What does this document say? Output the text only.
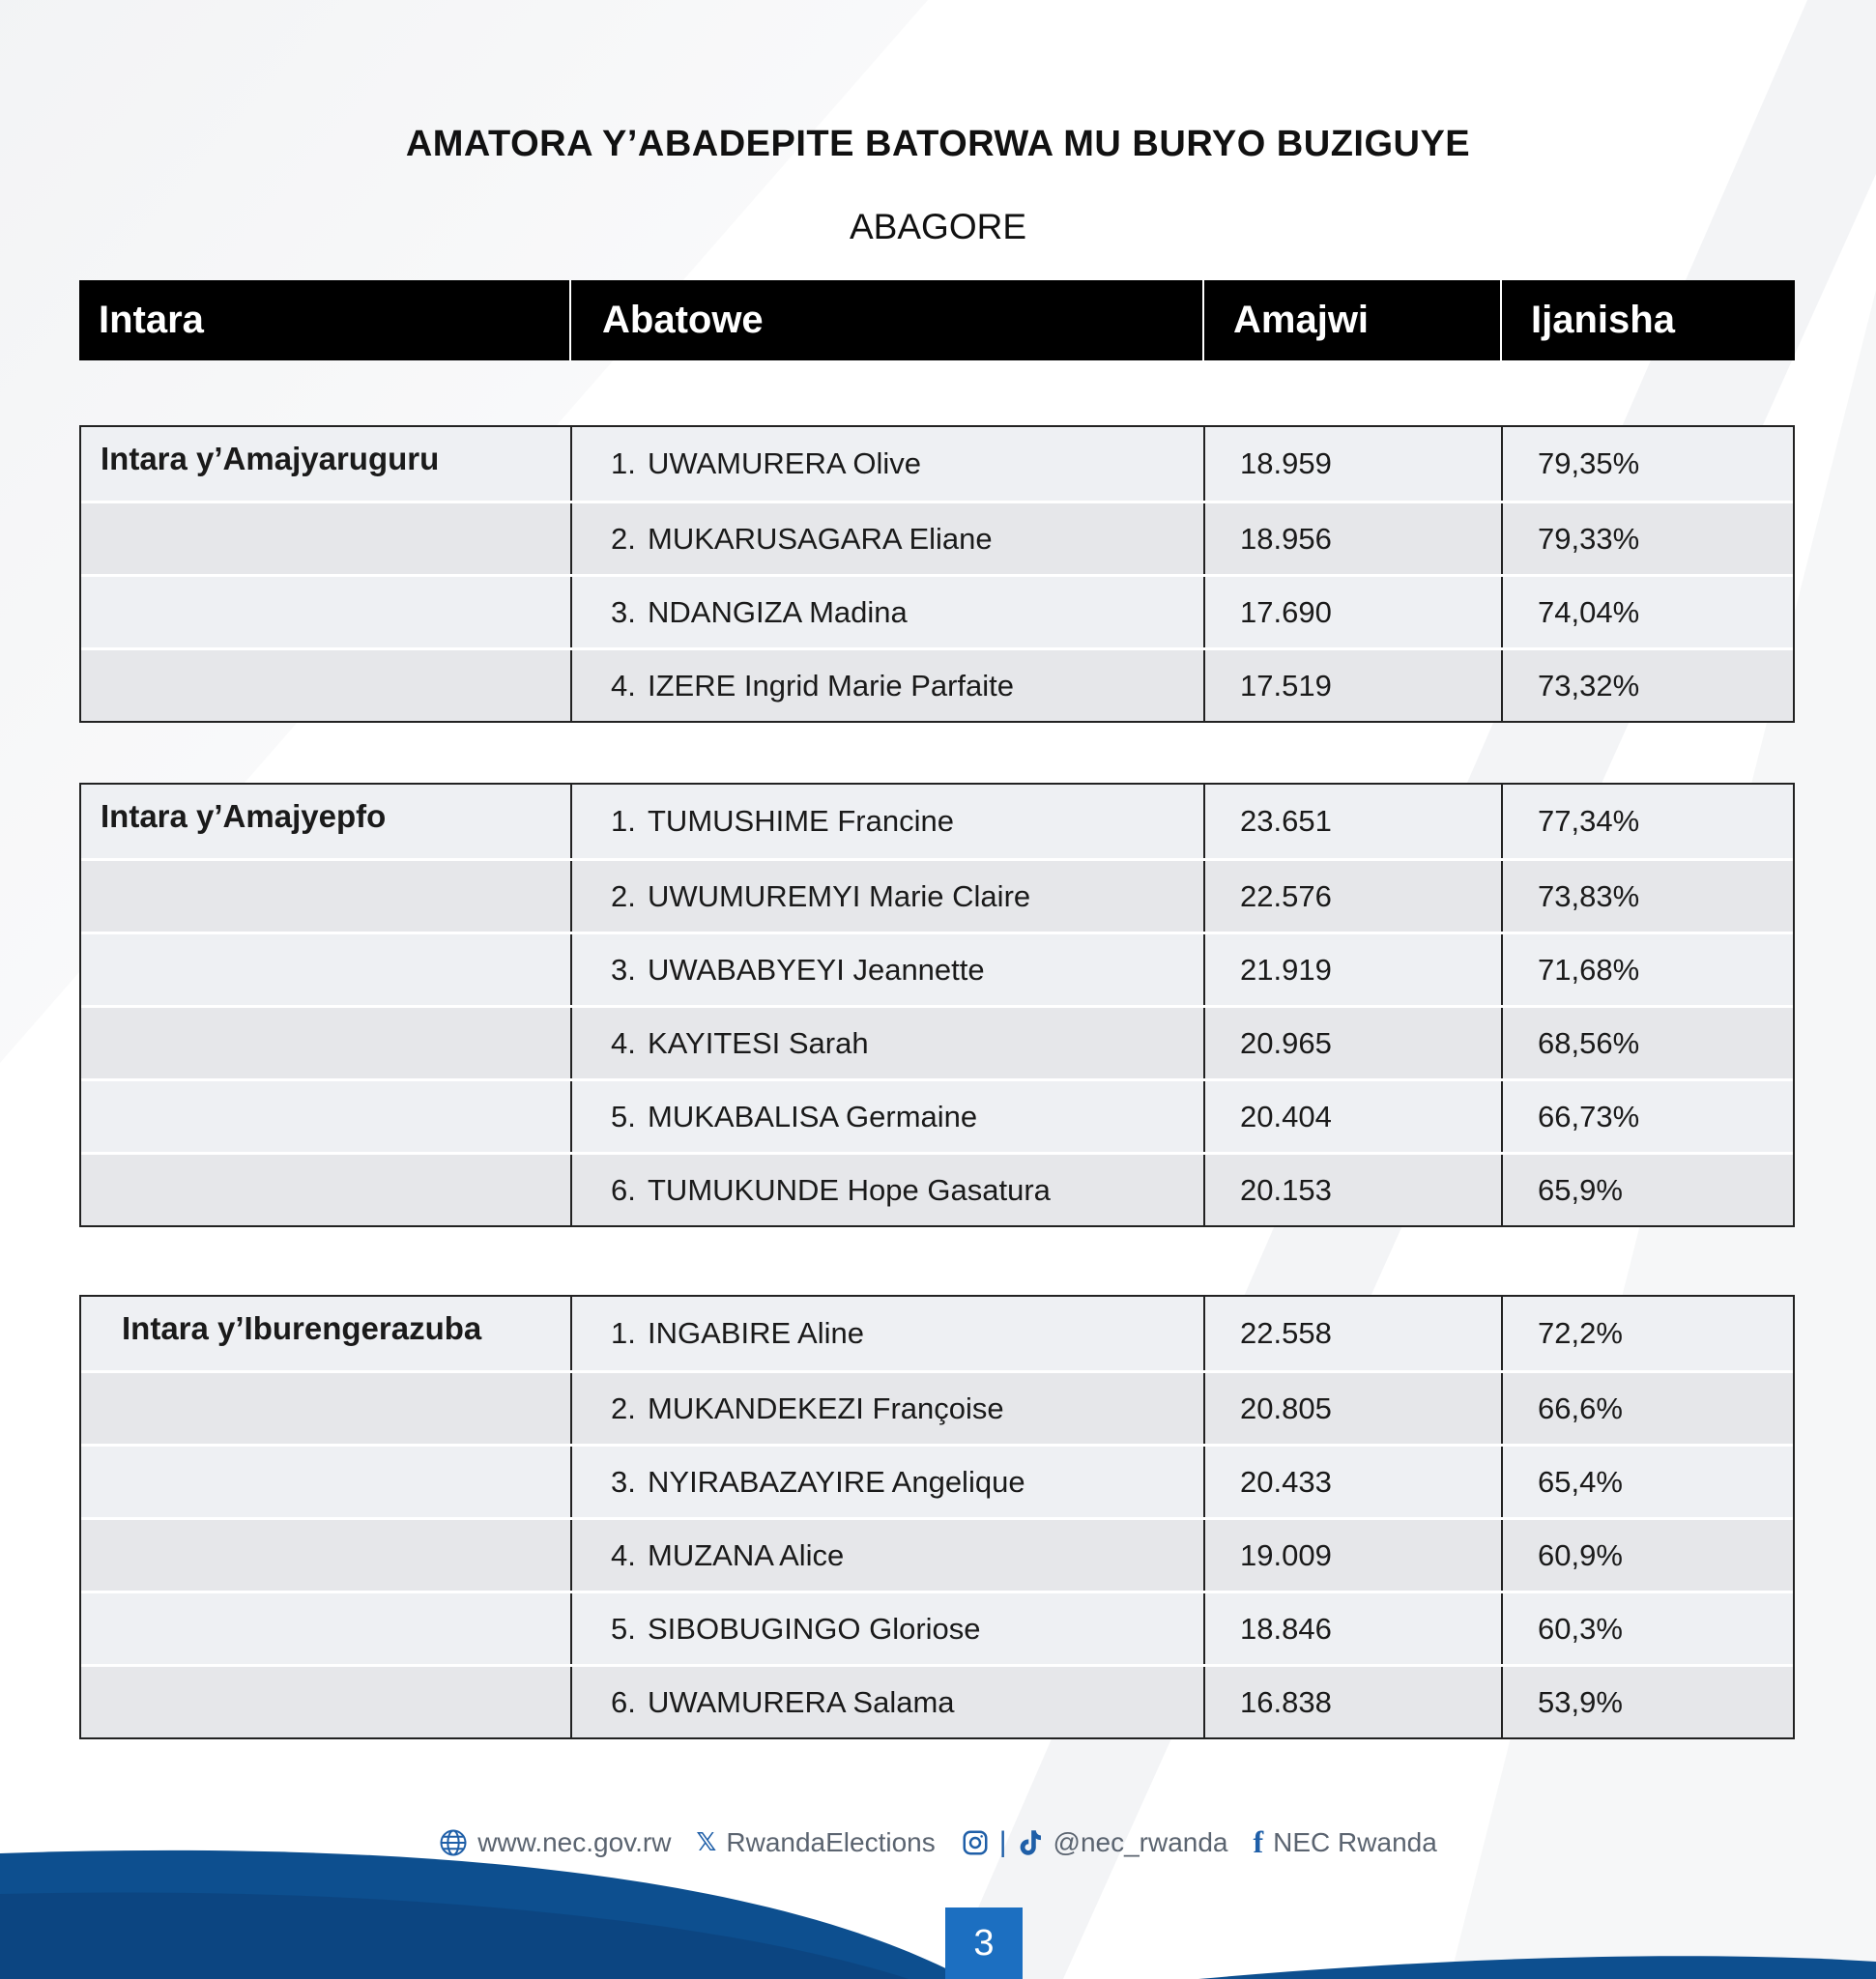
AMATORA Y’ABADEPITE BATORWA MU BURYO BUZIGUYE
ABAGORE
Intara	Abatowe	Amajwi	Ijanisha
Intara y’Amajyaruguru	1. UWAMURERA Olive	18.959	79,35%
2. MUKARUSAGARA Eliane	18.956	79,33%
3. NDANGIZA Madina	17.690	74,04%
4. IZERE Ingrid Marie Parfaite	17.519	73,32%
Intara y’Amajyepfo	1. TUMUSHIME Francine	23.651	77,34%
2. UWUMUREMYI Marie Claire	22.576	73,83%
3. UWABABYEYI Jeannette	21.919	71,68%
4. KAYITESI Sarah	20.965	68,56%
5. MUKABALISA Germaine	20.404	66,73%
6. TUMUKUNDE Hope Gasatura	20.153	65,9%
Intara y’Iburengerazuba	1. INGABIRE Aline	22.558	72,2%
2. MUKANDEKEZI Françoise	20.805	66,6%
3. NYIRABAZAYIRE Angelique	20.433	65,4%
4. MUZANA Alice	19.009	60,9%
5. SIBOBUGINGO Gloriose	18.846	60,3%
6. UWAMURERA Salama	16.838	53,9%
www.nec.gov.rw 𝕏 RwandaElections | @nec_rwanda f NEC Rwanda
3
